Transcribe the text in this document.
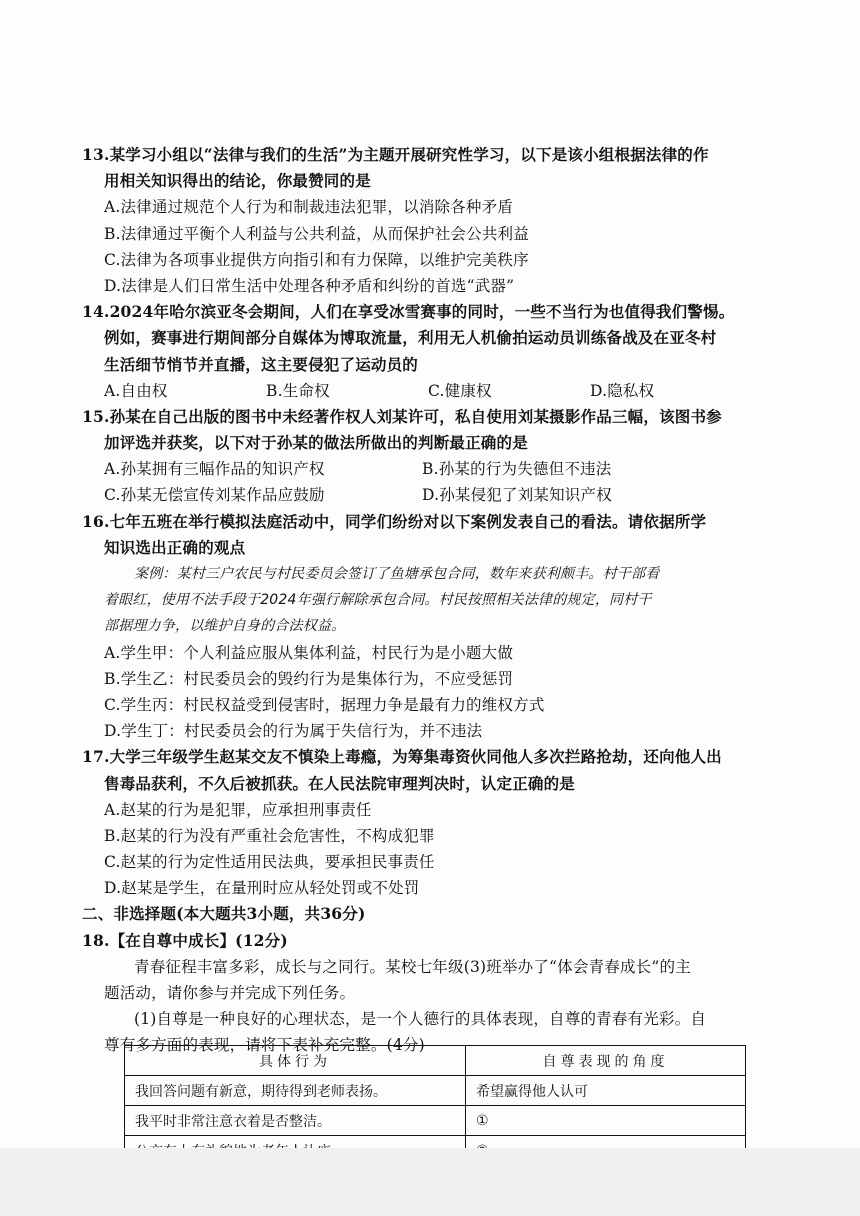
13.某学习小组以“法律与我们的生活”为主题开展研究性学习，以下是该小组根据法律的作
用相关知识得出的结论，你最赞同的是
A.法律通过规范个人行为和制裁违法犯罪，以消除各种矛盾
B.法律通过平衡个人利益与公共利益，从而保护社会公共利益
C.法律为各项事业提供方向指引和有力保障，以维护完美秩序
D.法律是人们日常生活中处理各种矛盾和纠纷的首选“武器”
14.2024年哈尔滨亚冬会期间，人们在享受冰雪赛事的同时，一些不当行为也值得我们警惕。
例如，赛事进行期间部分自媒体为博取流量，利用无人机偷拍运动员训练备战及在亚冬村
生活细节悄节并直播，这主要侵犯了运动员的
A.自由权	B.生命权	C.健康权	D.隐私权
15.孙某在自己出版的图书中未经著作权人刘某许可，私自使用刘某摄影作品三幅，该图书参
加评选并获奖，以下对于孙某的做法所做出的判断最正确的是
A.孙某拥有三幅作品的知识产权	B.孙某的行为失德但不违法
C.孙某无偿宣传刘某作品应鼓励	D.孙某侵犯了刘某知识产权
16.七年五班在举行模拟法庭活动中，同学们纷纷对以下案例发表自己的看法。请依据所学
知识选出正确的观点
案例：某村三户农民与村民委员会签订了鱼塘承包合同，数年来获利颇丰。村干部看
着眼红，使用不法手段于2024年强行解除承包合同。村民按照相关法律的规定，同村干
部据理力争，以维护自身的合法权益。
A.学生甲：个人利益应服从集体利益，村民行为是小题大做
B.学生乙：村民委员会的毁约行为是集体行为，不应受惩罚
C.学生丙：村民权益受到侵害时，据理力争是最有力的维权方式
D.学生丁：村民委员会的行为属于失信行为，并不违法
17.大学三年级学生赵某交友不慎染上毒瘾，为筹集毒资伙同他人多次拦路抢劫，还向他人出
售毒品获利，不久后被抓获。在人民法院审理判决时，认定正确的是
A.赵某的行为是犯罪，应承担刑事责任
B.赵某的行为没有严重社会危害性，不构成犯罪
C.赵某的行为定性适用民法典，要承担民事责任
D.赵某是学生，在量刑时应从轻处罚或不处罚
二、非选择题(本大题共3小题，共36分)
18.【在自尊中成长】(12分)
青春征程丰富多彩，成长与之同行。某校七年级(3)班举办了“体会青春成长”的主
题活动，请你参与并完成下列任务。
(1)自尊是一种良好的心理状态，是一个人德行的具体表现，自尊的青春有光彩。自
尊有多方面的表现，请将下表补充完整。(4分)
具体行为	自尊表现的角度
我回答问题有新意，期待得到老师表扬。	希望赢得他人认可
我平时非常注意衣着是否整洁。	①
